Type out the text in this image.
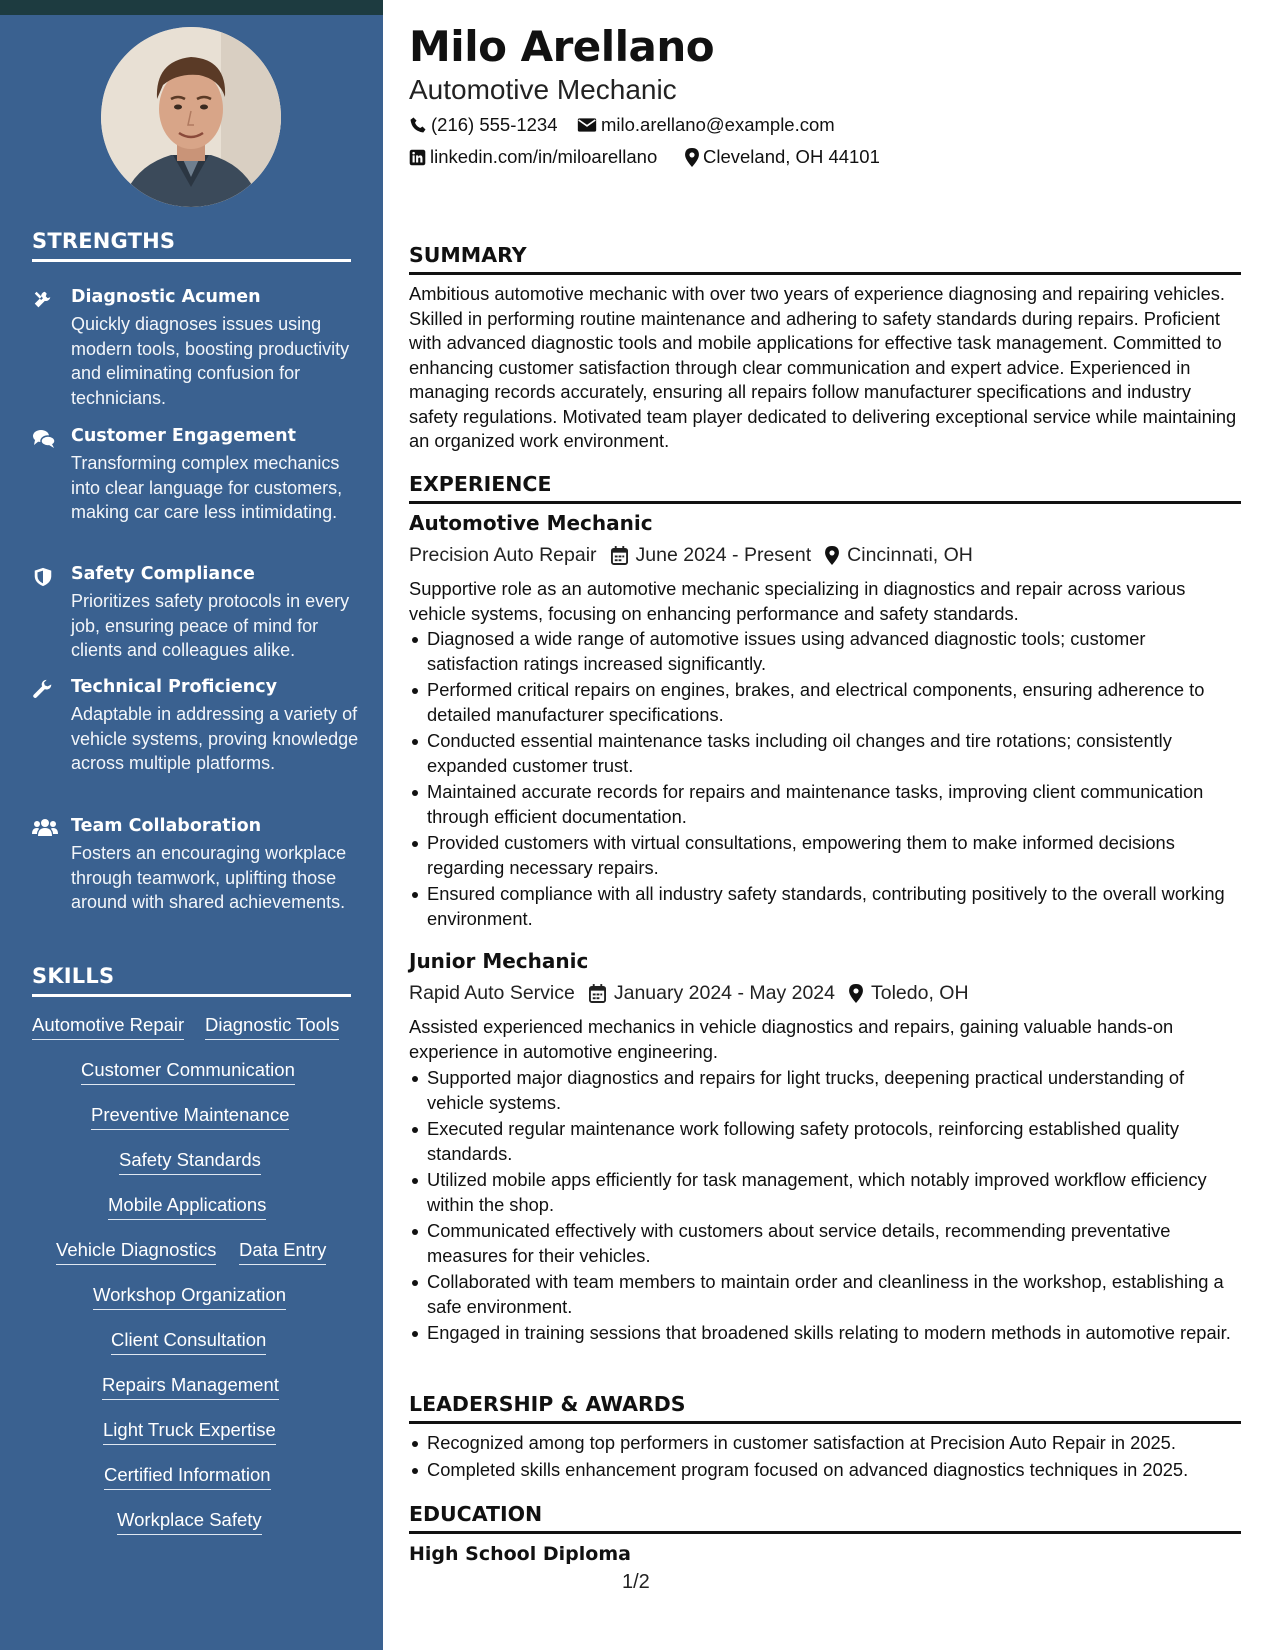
STRENGTHS
Diagnostic Acumen
Quickly diagnoses issues using modern tools, boosting productivity and eliminating confusion for technicians.
Customer Engagement
Transforming complex mechanics into clear language for customers, making car care less intimidating.
Safety Compliance
Prioritizes safety protocols in every job, ensuring peace of mind for clients and colleagues alike.
Technical Proficiency
Adaptable in addressing a variety of vehicle systems, proving knowledge across multiple platforms.
Team Collaboration
Fosters an encouraging workplace through teamwork, uplifting those around with shared achievements.
SKILLS
Automotive Repair Diagnostic Tools
Customer Communication
Preventive Maintenance
Safety Standards
Mobile Applications
Vehicle Diagnostics Data Entry
Workshop Organization
Client Consultation
Repairs Management
Light Truck Expertise
Certified Information
Workplace Safety
Milo Arellano
Automotive Mechanic
(216) 555-1234 milo.arellano@example.com
linkedin.com/in/miloarellano Cleveland, OH 44101
SUMMARY
Ambitious automotive mechanic with over two years of experience diagnosing and repairing vehicles. Skilled in performing routine maintenance and adhering to safety standards during repairs. Proficient with advanced diagnostic tools and mobile applications for effective task management. Committed to enhancing customer satisfaction through clear communication and expert advice. Experienced in managing records accurately, ensuring all repairs follow manufacturer specifications and industry safety regulations. Motivated team player dedicated to delivering exceptional service while maintaining an organized work environment.
EXPERIENCE
Automotive Mechanic
Precision Auto Repair June 2024 - Present Cincinnati, OH
Supportive role as an automotive mechanic specializing in diagnostics and repair across various vehicle systems, focusing on enhancing performance and safety standards.
Diagnosed a wide range of automotive issues using advanced diagnostic tools; customer satisfaction ratings increased significantly.
Performed critical repairs on engines, brakes, and electrical components, ensuring adherence to detailed manufacturer specifications.
Conducted essential maintenance tasks including oil changes and tire rotations; consistently expanded customer trust.
Maintained accurate records for repairs and maintenance tasks, improving client communication through efficient documentation.
Provided customers with virtual consultations, empowering them to make informed decisions regarding necessary repairs.
Ensured compliance with all industry safety standards, contributing positively to the overall working environment.
Junior Mechanic
Rapid Auto Service January 2024 - May 2024 Toledo, OH
Assisted experienced mechanics in vehicle diagnostics and repairs, gaining valuable hands-on experience in automotive engineering.
Supported major diagnostics and repairs for light trucks, deepening practical understanding of vehicle systems.
Executed regular maintenance work following safety protocols, reinforcing established quality standards.
Utilized mobile apps efficiently for task management, which notably improved workflow efficiency within the shop.
Communicated effectively with customers about service details, recommending preventative measures for their vehicles.
Collaborated with team members to maintain order and cleanliness in the workshop, establishing a safe environment.
Engaged in training sessions that broadened skills relating to modern methods in automotive repair.
LEADERSHIP & AWARDS
Recognized among top performers in customer satisfaction at Precision Auto Repair in 2025.
Completed skills enhancement program focused on advanced diagnostics techniques in 2025.
EDUCATION
High School Diploma
1/2
